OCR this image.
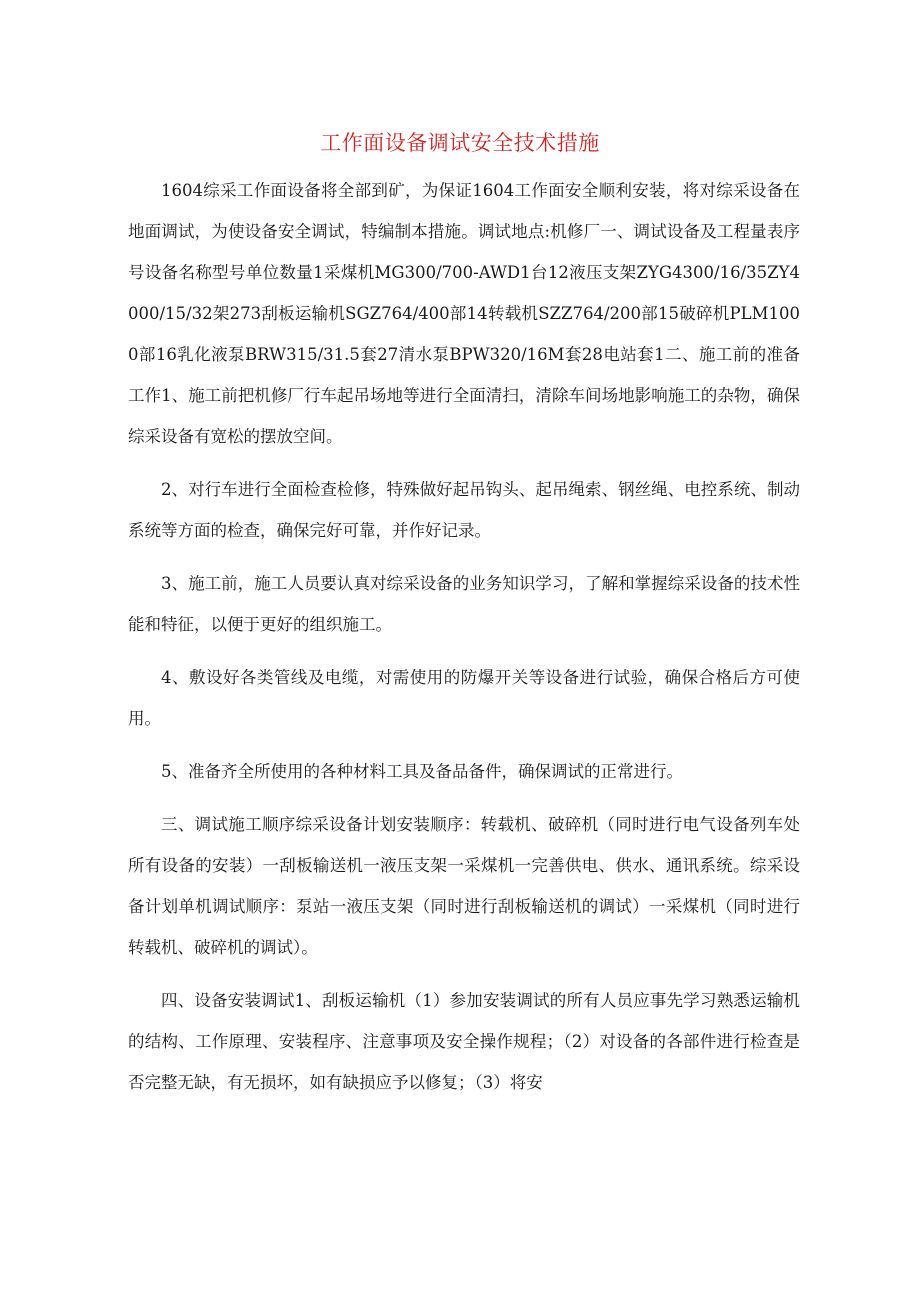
工作面设备调试安全技术措施

1604综采工作面设备将全部到矿，为保证1604工作面安全顺利安装，将对综采设备在地面调试，为使设备安全调试，特编制本措施。调试地点:机修厂一、调试设备及工程量表序号设备名称型号单位数量1采煤机MG300/700-AWD1台12液压支架ZYG4300/16/35ZY4000/15/32架273刮板运输机SGZ764/400部14转载机SZZ764/200部15破碎机PLM1000部16乳化液泵BRW315/31.5套27清水泵BPW320/16M套28电站套1二、施工前的准备工作1、施工前把机修厂行车起吊场地等进行全面清扫，清除车间场地影响施工的杂物，确保综采设备有宽松的摆放空间。

2、对行车进行全面检查检修，特殊做好起吊钩头、起吊绳索、钢丝绳、电控系统、制动系统等方面的检查，确保完好可靠，并作好记录。

3、施工前，施工人员要认真对综采设备的业务知识学习，了解和掌握综采设备的技术性能和特征，以便于更好的组织施工。

4、敷设好各类管线及电缆，对需使用的防爆开关等设备进行试验，确保合格后方可使用。

5、准备齐全所使用的各种材料工具及备品备件，确保调试的正常进行。

三、调试施工顺序综采设备计划安装顺序：转载机、破碎机（同时进行电气设备列车处所有设备的安装）一刮板输送机一液压支架一采煤机一完善供电、供水、通讯系统。综采设备计划单机调试顺序：泵站一液压支架（同时进行刮板输送机的调试）一采煤机（同时进行转载机、破碎机的调试）。

四、设备安装调试1、刮板运输机（1）参加安装调试的所有人员应事先学习熟悉运输机的结构、工作原理、安装程序、注意事项及安全操作规程；（2）对设备的各部件进行检查是否完整无缺，有无损坏，如有缺损应予以修复；（3）将安
